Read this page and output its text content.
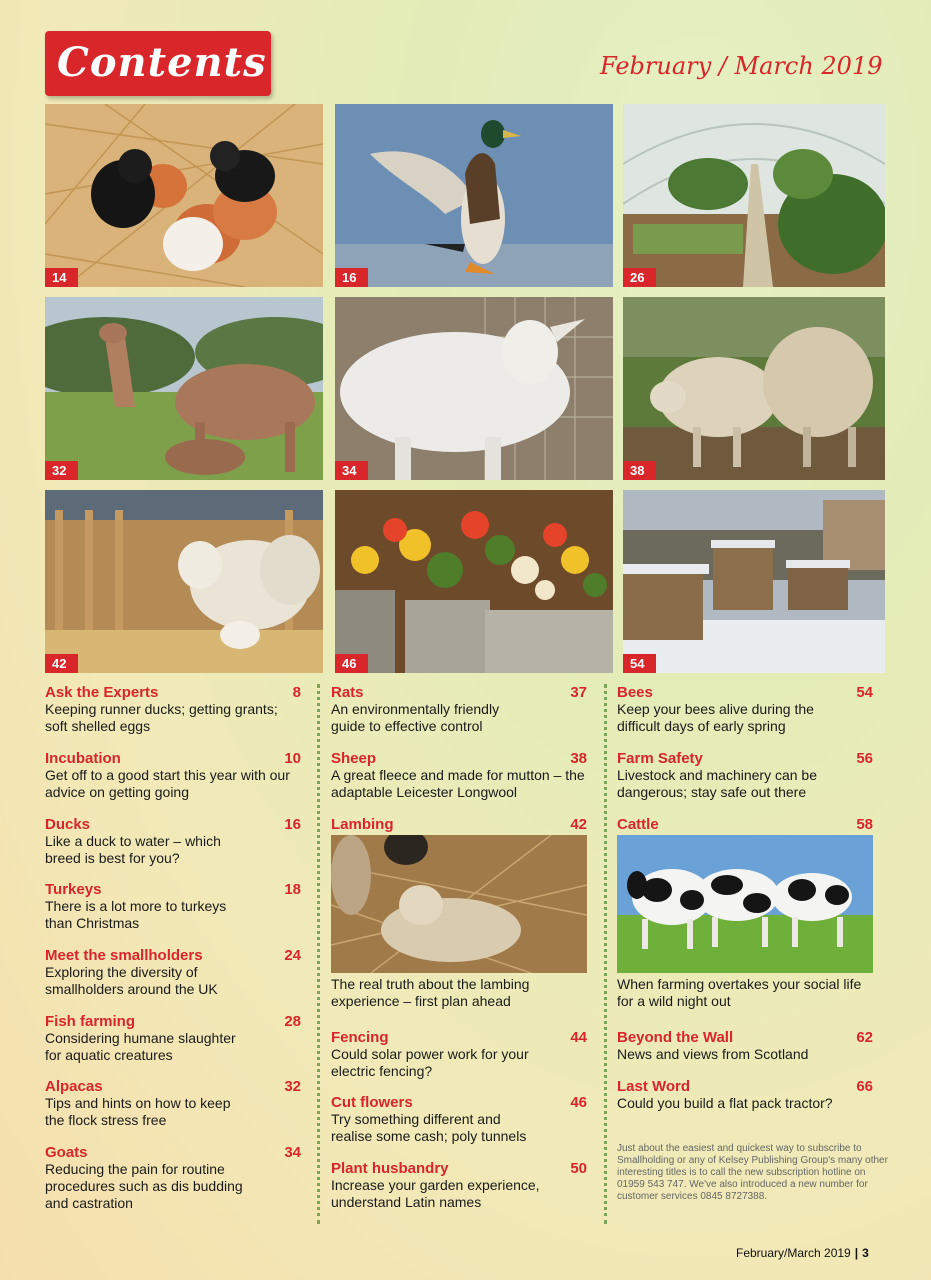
Contents	February / March 2019
14	16	26
32	34	38
42	46	54
Ask the Experts	8
Keeping runner ducks; getting grants; soft shelled eggs
Incubation	10
Get off to a good start this year with our advice on getting going
Ducks	16
Like a duck to water – which breed is best for you?
Turkeys	18
There is a lot more to turkeys than Christmas
Meet the smallholders	24
Exploring the diversity of smallholders around the UK
Fish farming	28
Considering humane slaughter for aquatic creatures
Alpacas	32
Tips and hints on how to keep the flock stress free
Goats	34
Reducing the pain for routine procedures such as dis budding and castration
Rats	37
An environmentally friendly guide to effective control
Sheep	38
A great fleece and made for mutton – the adaptable Leicester Longwool
Lambing	42
The real truth about the lambing experience – first plan ahead
Fencing	44
Could solar power work for your electric fencing?
Cut flowers	46
Try something different and realise some cash; poly tunnels
Plant husbandry	50
Increase your garden experience, understand Latin names
Bees	54
Keep your bees alive during the difficult days of early spring
Farm Safety	56
Livestock and machinery can be dangerous; stay safe out there
Cattle	58
When farming overtakes your social life for a wild night out
Beyond the Wall	62
News and views from Scotland
Last Word	66
Could you build a flat pack tractor?
Just about the easiest and quickest way to subscribe to Smallholding or any of Kelsey Publishing Group's many other interesting titles is to call the new subscription hotline on 01959 543 747. We've also introduced a new number for customer services 0845 8727388.
February/March 2019 | 3
